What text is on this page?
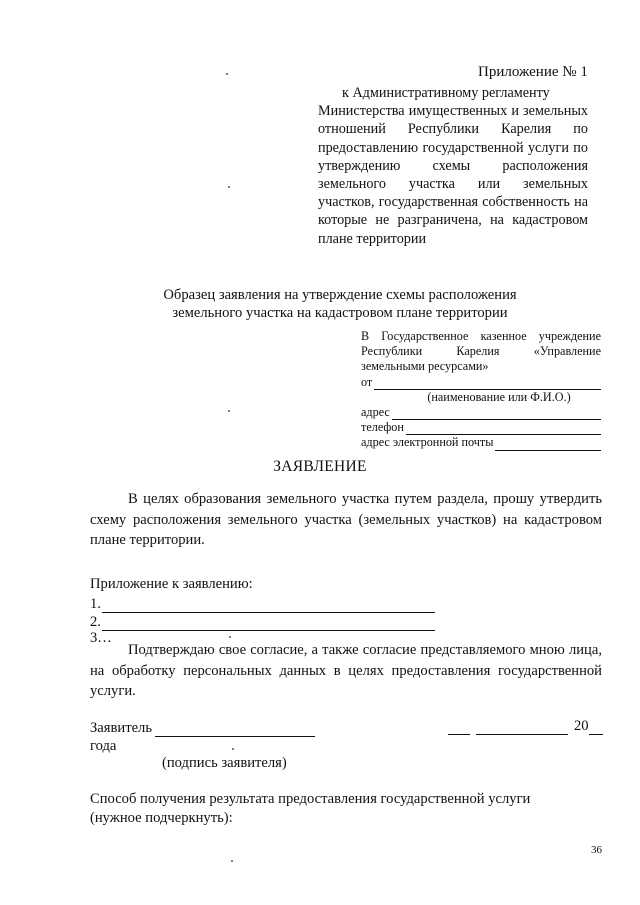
Приложение № 1
к Административному регламенту
Министерства имущественных и земельных отношений Республики Карелия по предоставлению государственной услуги по утверждению схемы расположения земельного участка или земельных участков, государственная собственность на которые не разграничена, на кадастровом плане территории
Образец заявления на утверждение схемы расположения
земельного участка на кадастровом плане территории
В Государственное казенное учреждение Республики Карелия «Управление земельными ресурсами»
от
(наименование или Ф.И.О.)
адрес
телефон
адрес электронной почты
ЗАЯВЛЕНИЕ
В целях образования земельного участка путем раздела, прошу утвердить схему расположения земельного участка (земельных участков) на кадастровом плане территории.
Приложение к заявлению:
1.
2.
3…
Подтверждаю свое согласие, а также согласие представляемого мною лица, на обработку персональных данных в целях предоставления государственной услуги.
Заявитель	20
года
(подпись заявителя)
Способ получения результата предоставления государственной услуги
(нужное подчеркнуть):
36
